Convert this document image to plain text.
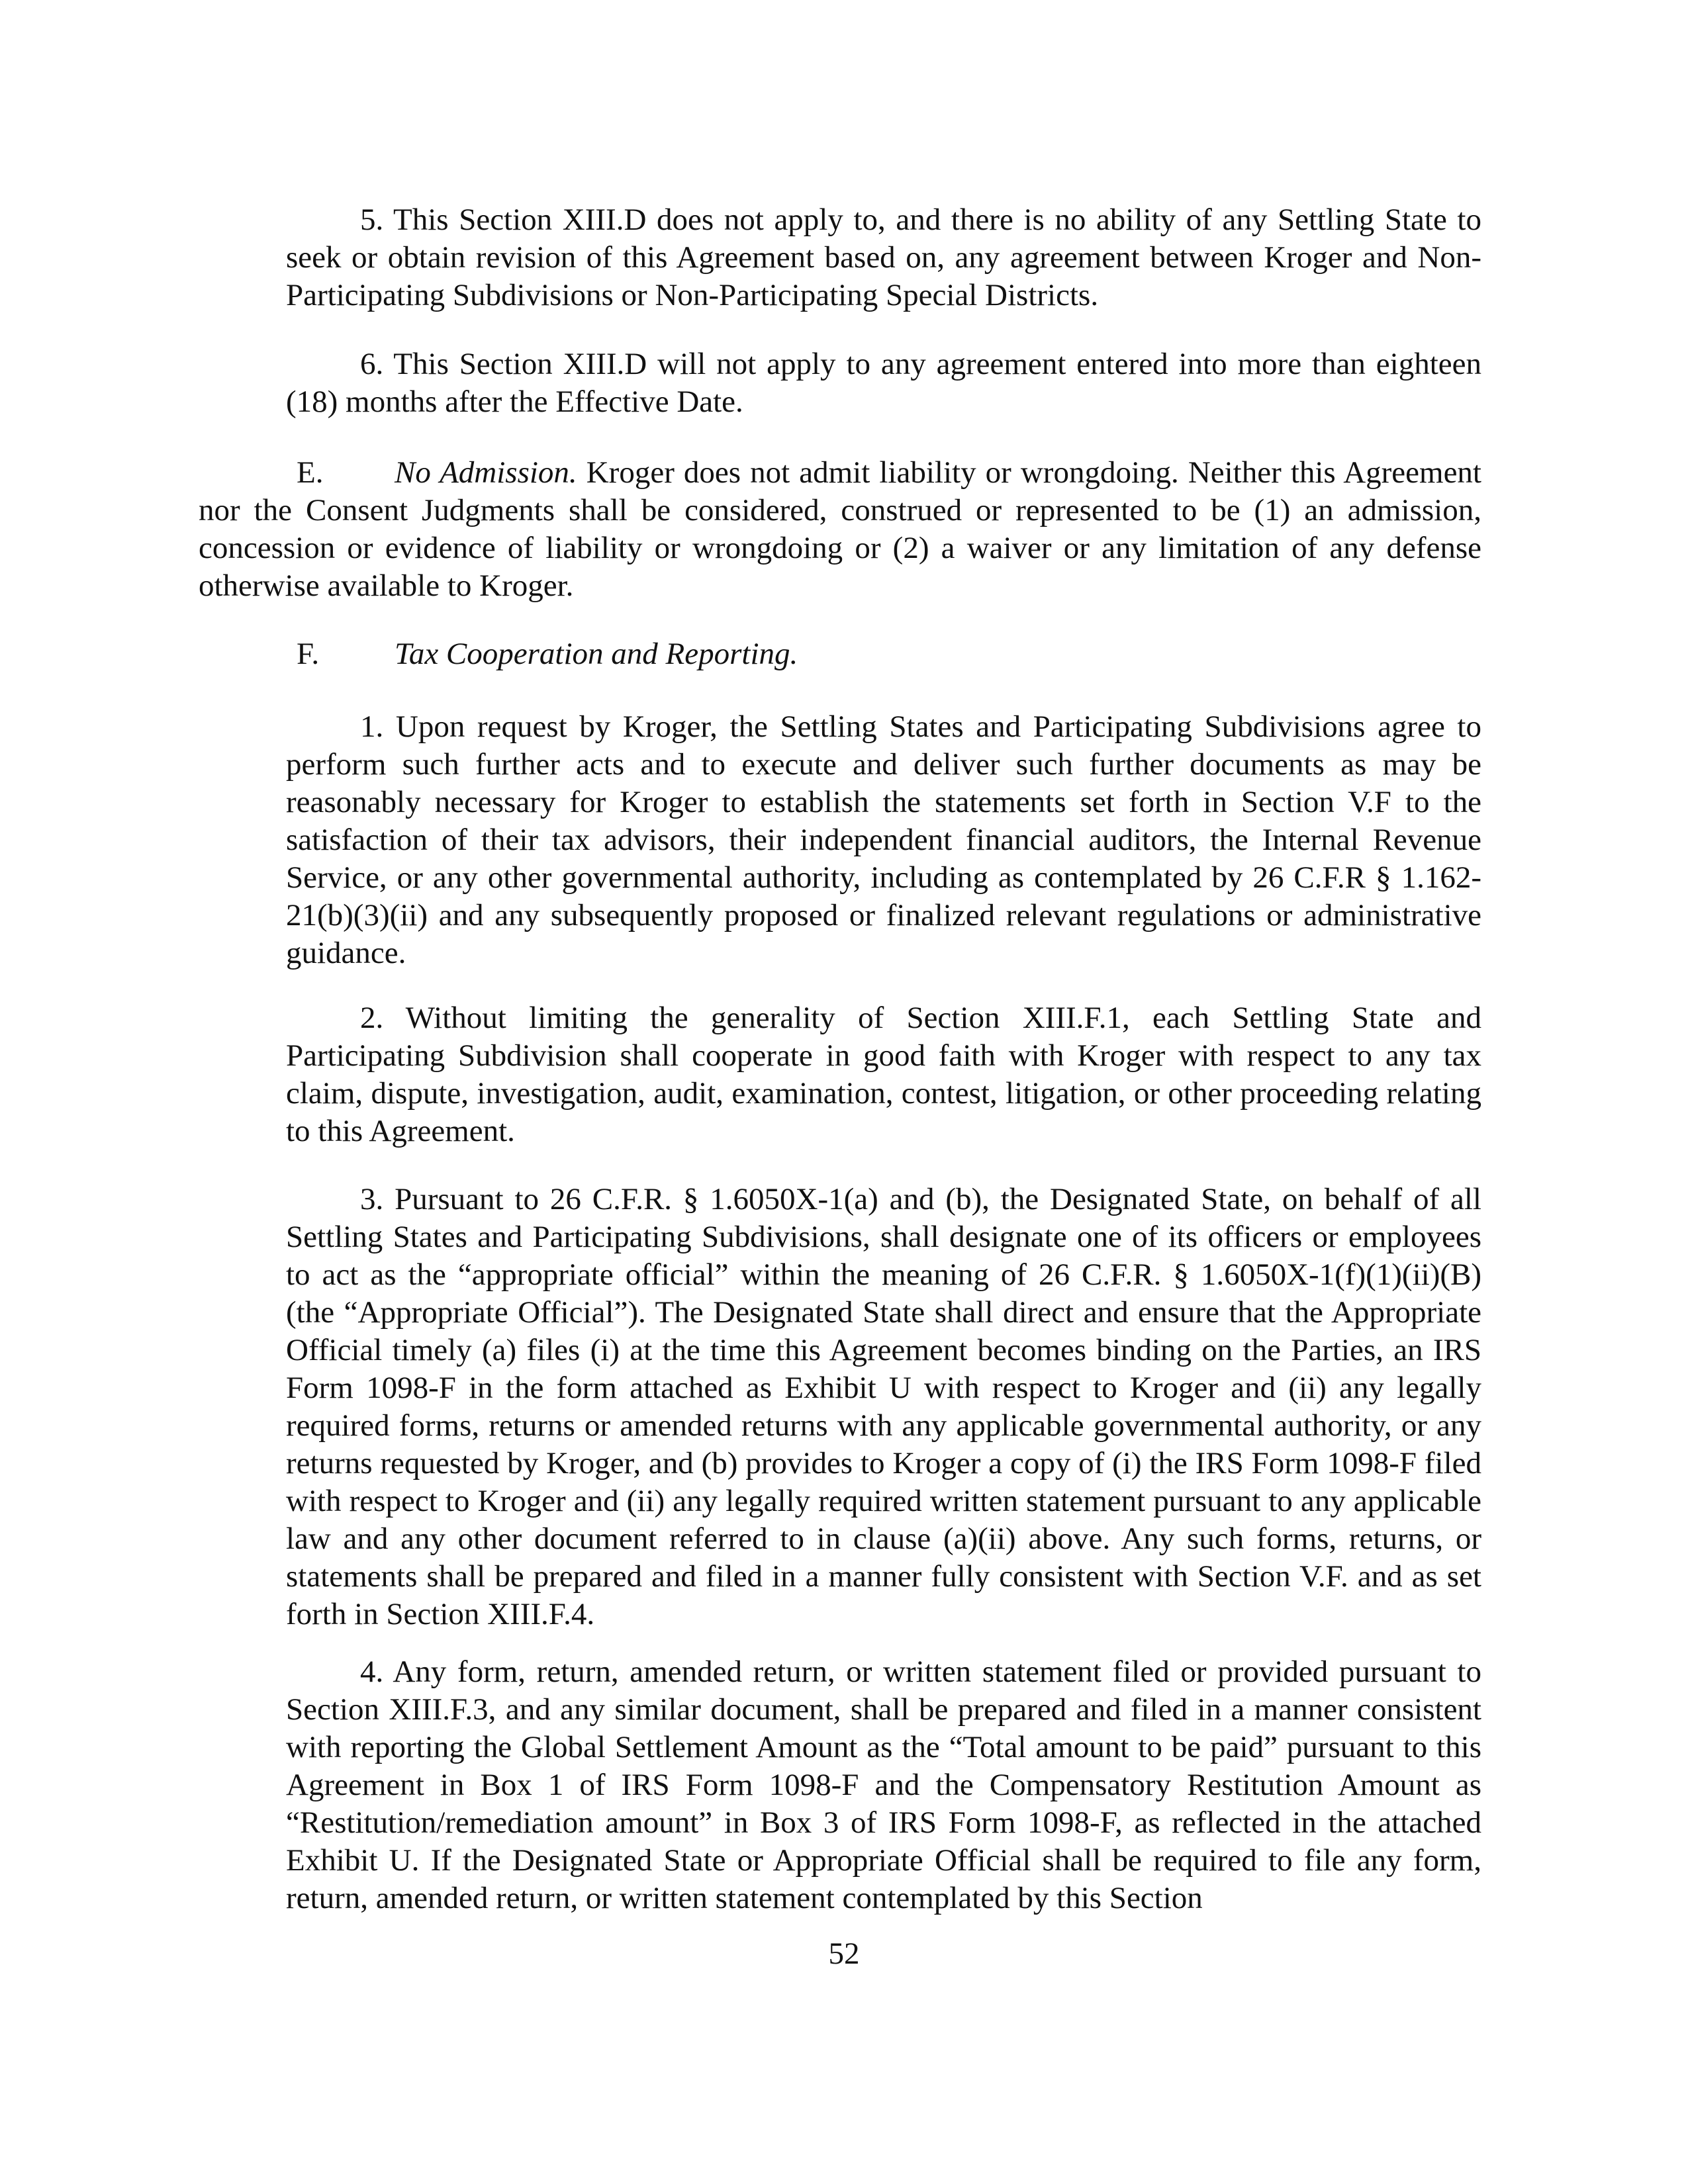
5. This Section XIII.D does not apply to, and there is no ability of any Settling State to seek or obtain revision of this Agreement based on, any agreement between Kroger and Non-Participating Subdivisions or Non-Participating Special Districts.

6. This Section XIII.D will not apply to any agreement entered into more than eighteen (18) months after the Effective Date.

E. No Admission. Kroger does not admit liability or wrongdoing. Neither this Agreement nor the Consent Judgments shall be considered, construed or represented to be (1) an admission, concession or evidence of liability or wrongdoing or (2) a waiver or any limitation of any defense otherwise available to Kroger.

F. Tax Cooperation and Reporting.

1. Upon request by Kroger, the Settling States and Participating Subdivisions agree to perform such further acts and to execute and deliver such further documents as may be reasonably necessary for Kroger to establish the statements set forth in Section V.F to the satisfaction of their tax advisors, their independent financial auditors, the Internal Revenue Service, or any other governmental authority, including as contemplated by 26 C.F.R § 1.162-21(b)(3)(ii) and any subsequently proposed or finalized relevant regulations or administrative guidance.

2. Without limiting the generality of Section XIII.F.1, each Settling State and Participating Subdivision shall cooperate in good faith with Kroger with respect to any tax claim, dispute, investigation, audit, examination, contest, litigation, or other proceeding relating to this Agreement.

3. Pursuant to 26 C.F.R. § 1.6050X-1(a) and (b), the Designated State, on behalf of all Settling States and Participating Subdivisions, shall designate one of its officers or employees to act as the “appropriate official” within the meaning of 26 C.F.R. § 1.6050X-1(f)(1)(ii)(B) (the “Appropriate Official”). The Designated State shall direct and ensure that the Appropriate Official timely (a) files (i) at the time this Agreement becomes binding on the Parties, an IRS Form 1098-F in the form attached as Exhibit U with respect to Kroger and (ii) any legally required forms, returns or amended returns with any applicable governmental authority, or any returns requested by Kroger, and (b) provides to Kroger a copy of (i) the IRS Form 1098-F filed with respect to Kroger and (ii) any legally required written statement pursuant to any applicable law and any other document referred to in clause (a)(ii) above. Any such forms, returns, or statements shall be prepared and filed in a manner fully consistent with Section V.F. and as set forth in Section XIII.F.4.

4. Any form, return, amended return, or written statement filed or provided pursuant to Section XIII.F.3, and any similar document, shall be prepared and filed in a manner consistent with reporting the Global Settlement Amount as the “Total amount to be paid” pursuant to this Agreement in Box 1 of IRS Form 1098-F and the Compensatory Restitution Amount as “Restitution/remediation amount” in Box 3 of IRS Form 1098-F, as reflected in the attached Exhibit U. If the Designated State or Appropriate Official shall be required to file any form, return, amended return, or written statement contemplated by this Section

52
